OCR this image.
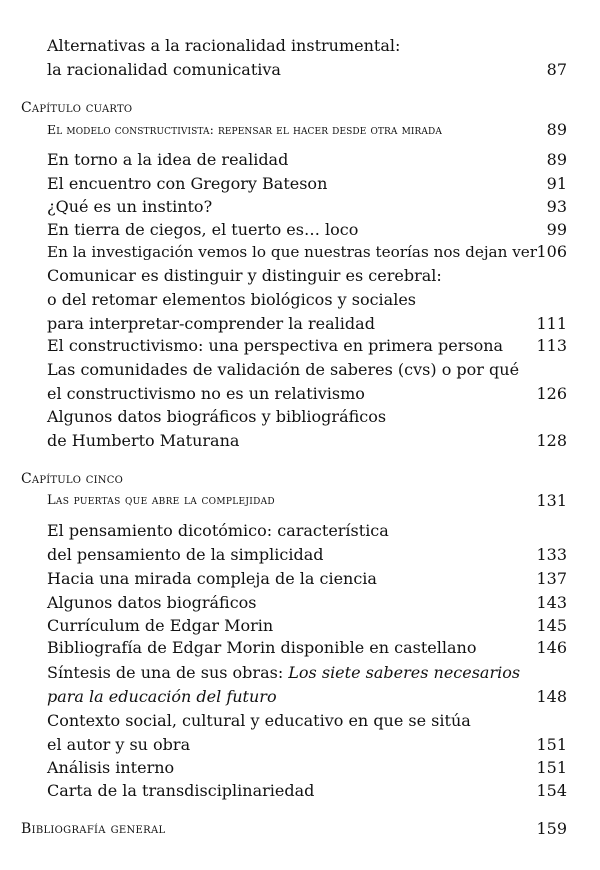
Alternativas a la racionalidad instrumental:
la racionalidad comunicativa	87
Capítulo cuarto
El modelo constructivista: repensar el hacer desde otra mirada	89
En torno a la idea de realidad	89
El encuentro con Gregory Bateson	91
¿Qué es un instinto?	93
En tierra de ciegos, el tuerto es… loco	99
En la investigación vemos lo que nuestras teorías nos dejan ver 106
Comunicar es distinguir y distinguir es cerebral:
o del retomar elementos biológicos y sociales
para interpretar-comprender la realidad	111
El constructivismo: una perspectiva en primera persona 113
Las comunidades de validación de saberes (cvs) o por qué
el constructivismo no es un relativismo	126
Algunos datos biográficos y bibliográficos
de Humberto Maturana	128
Capítulo cinco
Las puertas que abre la complejidad	131
El pensamiento dicotómico: característica
del pensamiento de la simplicidad	133
Hacia una mirada compleja de la ciencia	137
Algunos datos biográficos	143
Currículum de Edgar Morin	145
Bibliografía de Edgar Morin disponible en castellano	146
Síntesis de una de sus obras: Los siete saberes necesarios
para la educación del futuro	148
Contexto social, cultural y educativo en que se sitúa
el autor y su obra	151
Análisis interno	151
Carta de la transdisciplinariedad	154
Bibliografía general	159
